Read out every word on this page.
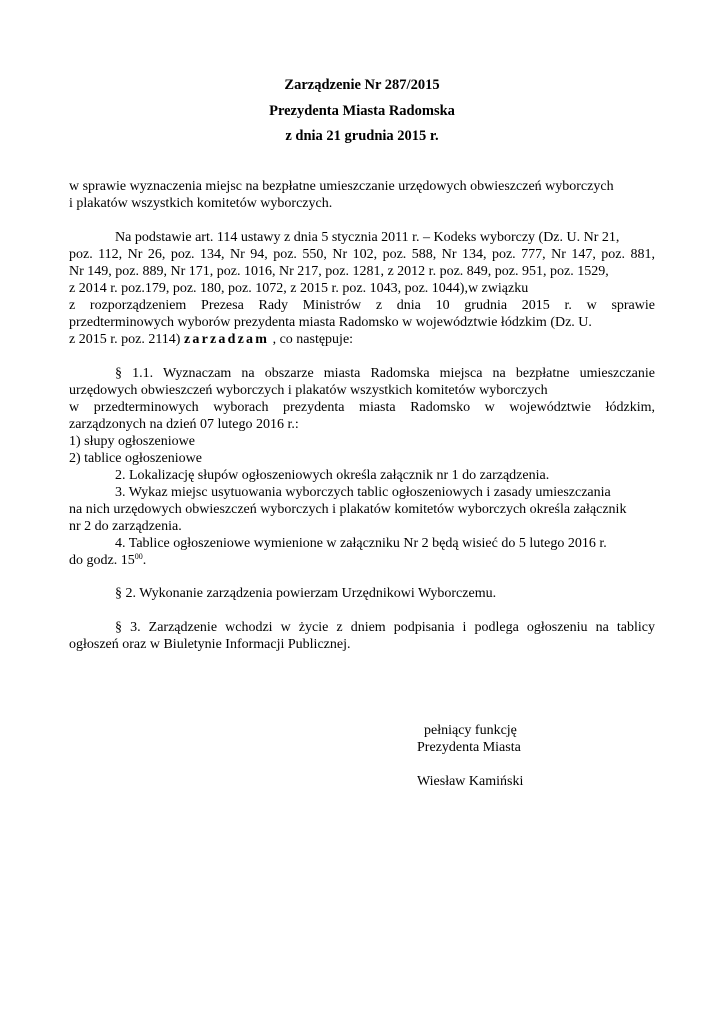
Zarządzenie Nr 287/2015
Prezydenta Miasta Radomska
z dnia 21 grudnia 2015 r.
w sprawie wyznaczenia miejsc na bezpłatne umieszczanie urzędowych obwieszczeń wyborczych
i plakatów wszystkich komitetów wyborczych.
Na podstawie art. 114 ustawy z dnia 5 stycznia 2011 r. – Kodeks wyborczy (Dz. U. Nr 21,
poz. 112, Nr 26, poz. 134, Nr 94, poz. 550, Nr 102, poz. 588, Nr 134, poz. 777, Nr 147, poz. 881,
Nr 149, poz. 889, Nr 171, poz. 1016, Nr 217, poz. 1281, z 2012 r. poz. 849, poz. 951, poz. 1529,
z 2014 r. poz.179, poz. 180, poz. 1072, z 2015 r. poz. 1043, poz. 1044),w związku
z rozporządzeniem Prezesa Rady Ministrów z dnia 10 grudnia 2015 r. w sprawie
przedterminowych wyborów prezydenta miasta Radomsko w województwie łódzkim (Dz. U.
z 2015 r. poz. 2114) zarzadzam , co następuje:
§ 1.1. Wyznaczam na obszarze miasta Radomska miejsca na bezpłatne umieszczanie
urzędowych obwieszczeń wyborczych i plakatów wszystkich komitetów wyborczych
w przedterminowych wyborach prezydenta miasta Radomsko w województwie łódzkim,
zarządzonych na dzień 07 lutego 2016 r.:
1) słupy ogłoszeniowe
2) tablice ogłoszeniowe
2. Lokalizację słupów ogłoszeniowych określa załącznik nr 1 do zarządzenia.
3. Wykaz miejsc usytuowania wyborczych tablic ogłoszeniowych i zasady umieszczania
na nich urzędowych obwieszczeń wyborczych i plakatów komitetów wyborczych określa załącznik
nr 2 do zarządzenia.
4. Tablice ogłoszeniowe wymienione w załączniku Nr 2 będą wisieć do 5 lutego 2016 r.
do godz. $15^{00}$.
§ 2. Wykonanie zarządzenia powierzam Urzędnikowi Wyborczemu.
§ 3. Zarządzenie wchodzi w życie z dniem podpisania i podlega ogłoszeniu na tablicy
ogłoszeń oraz w Biuletynie Informacji Publicznej.
pełniący funkcję
Prezydenta Miasta
Wiesław Kamiński
